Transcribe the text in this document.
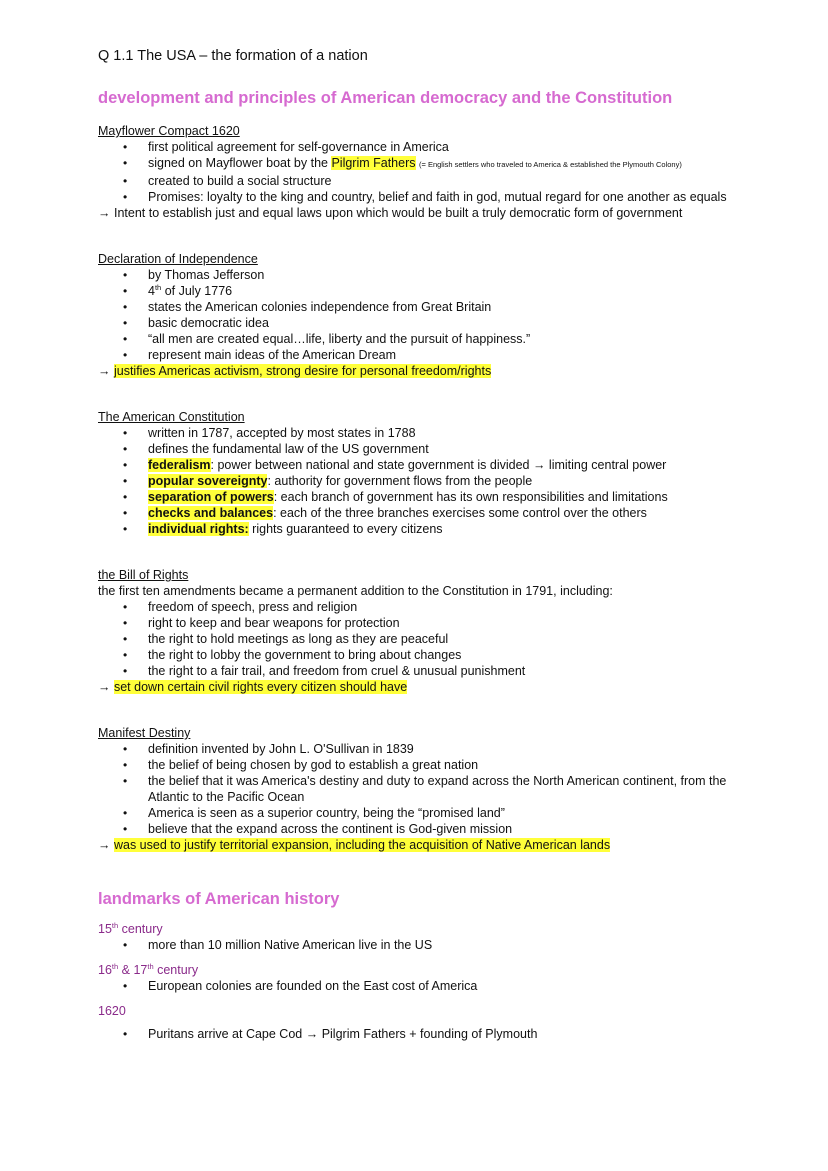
Q 1.1 The USA – the formation of a nation
development and principles of American democracy and the Constitution

Mayflower Compact 1620

• first political agreement for self-governance in America
• signed on Mayflower boat by the Pilgrim Fathers (= English settlers who traveled to America & established the Plymouth Colony)
• created to build a social structure
• Promises: loyalty to the king and country, belief and faith in god, mutual regard for one another as equals

→ Intent to establish just and equal laws upon which would be built a truly democratic form of government

Declaration of Independence

• by Thomas Jefferson
• 4th of July 1776
• states the American colonies independence from Great Britain
• basic democratic idea
• “all men are created equal…life, liberty and the pursuit of happiness.”
• represent main ideas of the American Dream

→ justifies Americas activism, strong desire for personal freedom/rights

The American Constitution

• written in 1787, accepted by most states in 1788
• defines the fundamental law of the US government
• federalism: power between national and state government is divided → limiting central power
• popular sovereignty: authority for government flows from the people
• separation of powers: each branch of government has its own responsibilities and limitations
• checks and balances: each of the three branches exercises some control over the others
• individual rights: rights guaranteed to every citizens

the Bill of Rights

the first ten amendments became a permanent addition to the Constitution in 1791, including:

• freedom of speech, press and religion
• right to keep and bear weapons for protection
• the right to hold meetings as long as they are peaceful
• the right to lobby the government to bring about changes
• the right to a fair trail, and freedom from cruel & unusual punishment

→ set down certain civil rights every citizen should have

Manifest Destiny

• definition invented by John L. O'Sullivan in 1839
• the belief of being chosen by god to establish a great nation
• the belief that it was America's destiny and duty to expand across the North American continent, from the Atlantic to the Pacific Ocean
• America is seen as a superior country, being the “promised land”
• believe that the expand across the continent is God-given mission

→ was used to justify territorial expansion, including the acquisition of Native American lands

landmarks of American history

15th century

• more than 10 million Native American live in the US

16th & 17th century

• European colonies are founded on the East cost of America

1620

• Puritans arrive at Cape Cod → Pilgrim Fathers + founding of Plymouth
